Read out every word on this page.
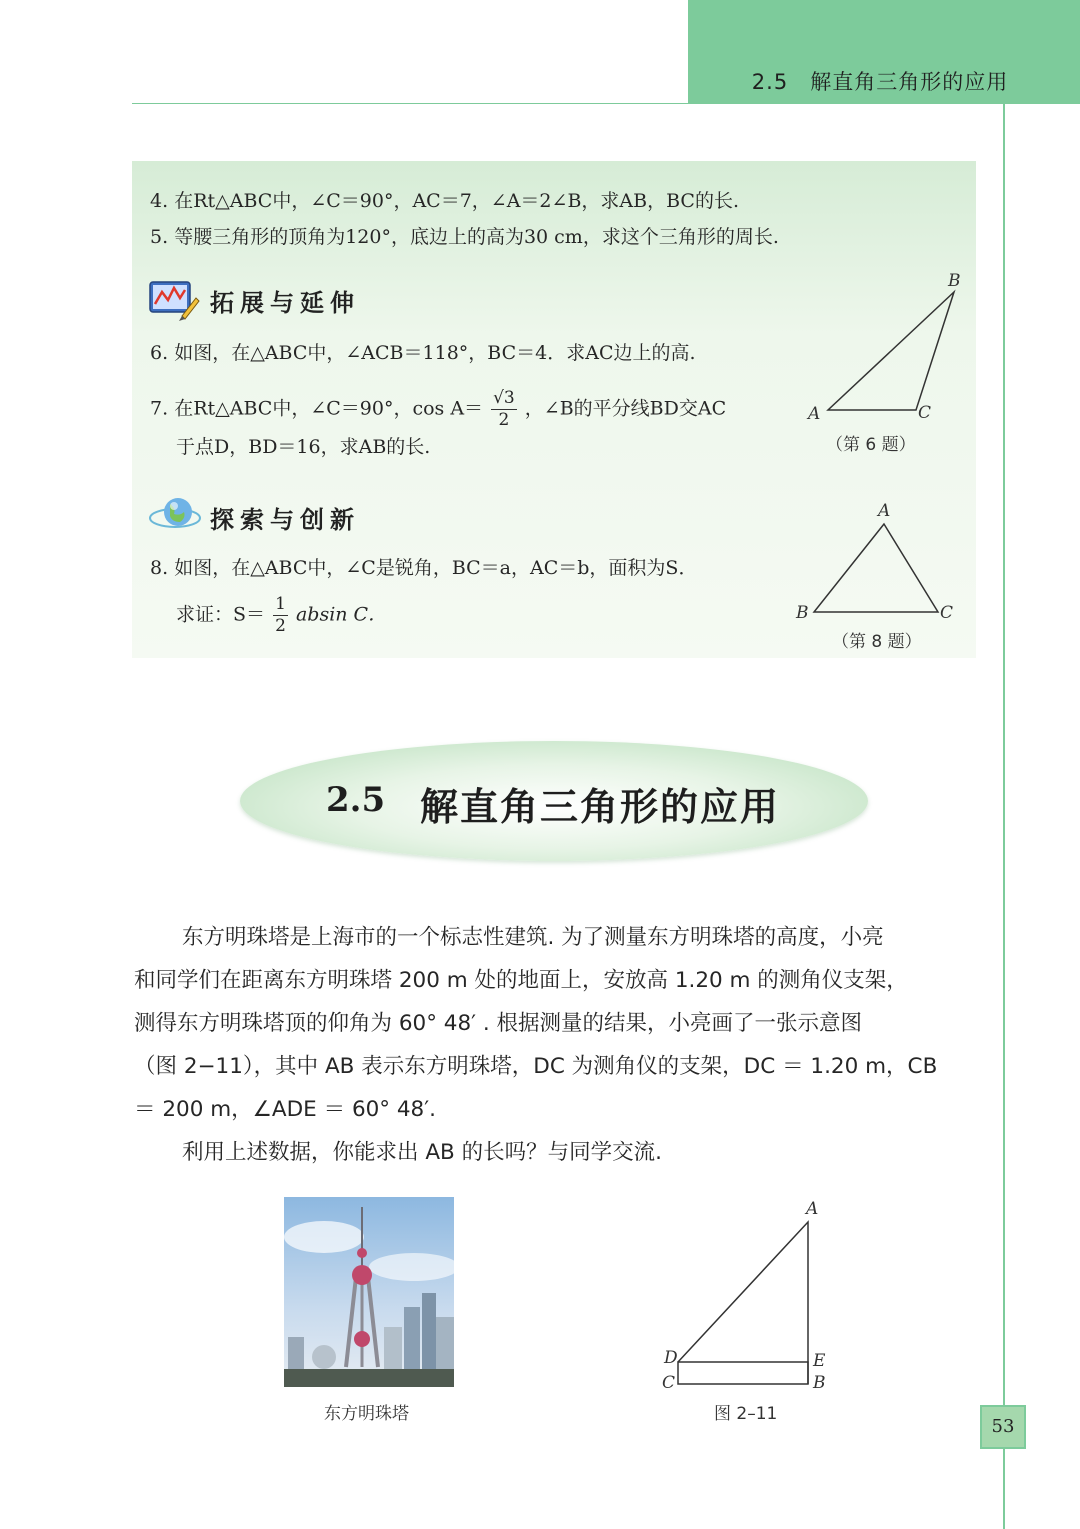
2.5　解直角三角形的应用
4. 在Rt△ABC中，∠C＝90°，AC＝7，∠A＝2∠B，求AB，BC的长.
5. 等腰三角形的顶角为120°，底边上的高为30 cm，求这个三角形的周长.
拓展与延伸
6. 如图，在△ABC中，∠ACB＝118°，BC＝4．求AC边上的高.
7. 在Rt△ABC中，∠C＝90°，$\cos A= \frac{√3}{2}$ ，∠B的平分线BD交AC
于点D，BD＝16，求AB的长.
A	C
B
（第 6 题）
探索与创新
8. 如图，在△ABC中，∠C是锐角，BC＝a，AC＝b，面积为S．
求证：$S= \frac{1}{2}$ absin C．
A
B	C
（第 8 题）
2.5 解直角三角形的应用
东方明珠塔是上海市的一个标志性建筑. 为了测量东方明珠塔的高度，小亮
和同学们在距离东方明珠塔 200 m 处的地面上，安放高 1.20 m 的测角仪支架，
测得东方明珠塔顶的仰角为 60° 48′ . 根据测量的结果，小亮画了一张示意图
（图 2−11），其中 AB 表示东方明珠塔，DC 为测角仪的支架，DC ＝ 1.20 m，CB
＝ 200 m，∠ADE ＝ 60° 48′.
利用上述数据，你能求出 AB 的长吗？与同学交流.
东方明珠塔
A
D	E
C	B
图 2–11
53
